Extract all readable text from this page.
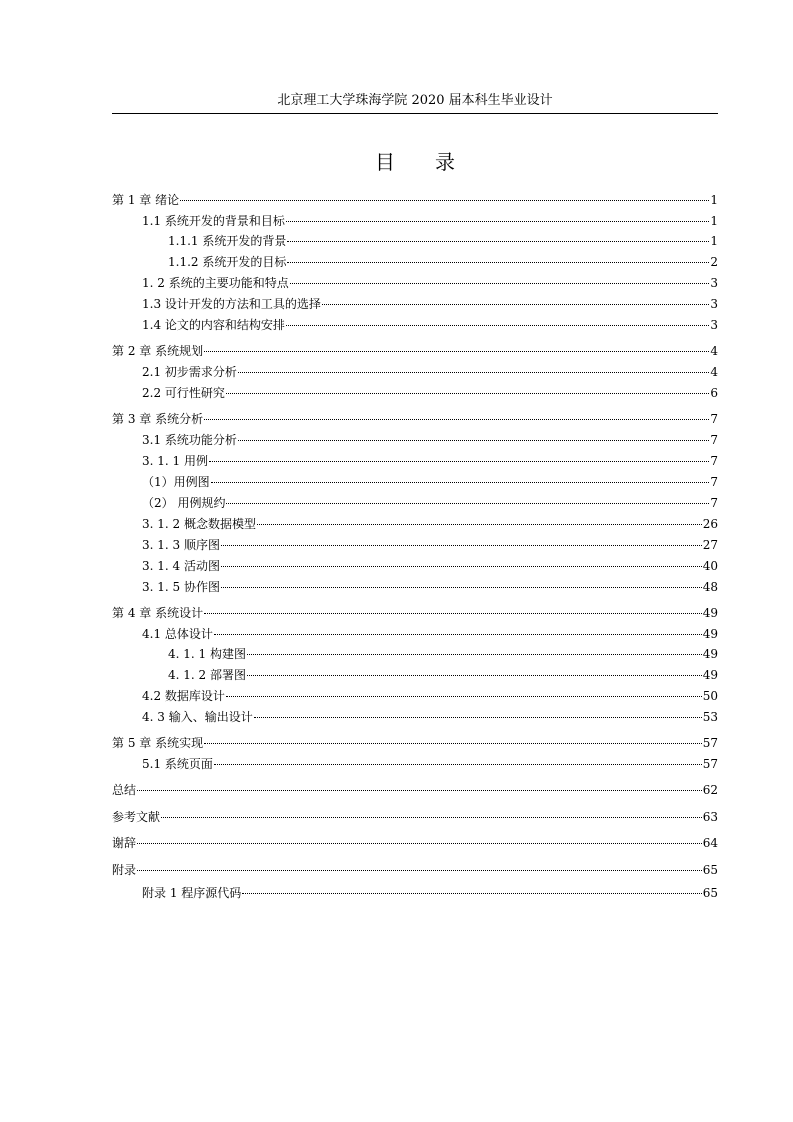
北京理工大学珠海学院 2020 届本科生毕业设计
目 录
第 1 章 绪论	1
1.1 系统开发的背景和目标	1
1.1.1 系统开发的背景	1
1.1.2 系统开发的目标	2
1. 2 系统的主要功能和特点	3
1.3 设计开发的方法和工具的选择	3
1.4 论文的内容和结构安排	3
第 2 章 系统规划	4
2.1 初步需求分析	4
2.2 可行性研究	6
第 3 章 系统分析	7
3.1 系统功能分析	7
3. 1. 1 用例	7
（1）用例图	7
（2） 用例规约	7
3. 1. 2 概念数据模型	26
3. 1. 3 顺序图	27
3. 1. 4 活动图	40
3. 1. 5 协作图	48
第 4 章 系统设计	49
4.1 总体设计	49
4. 1. 1 构建图	49
4. 1. 2 部署图	49
4.2 数据库设计	50
4. 3 输入、输出设计	53
第 5 章 系统实现	57
5.1 系统页面	57
总结	62
参考文献	63
谢辞	64
附录	65
附录 1 程序源代码	65
